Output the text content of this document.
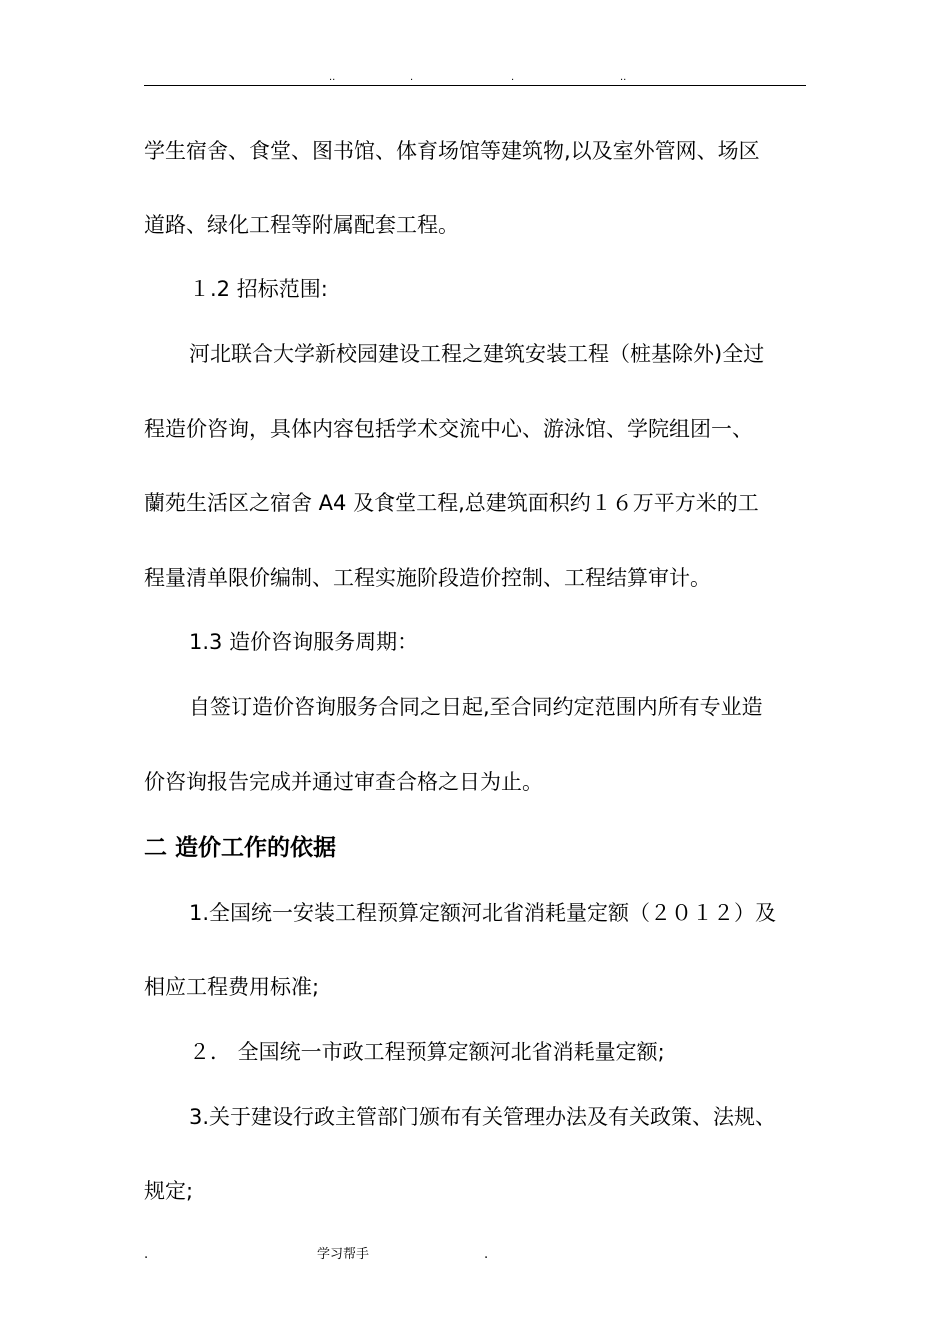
..	.	.	..
学生宿舍、食堂、图书馆、体育场馆等建筑物,以及室外管网、场区
道路、绿化工程等附属配套工程。
１.2 招标范围:
河北联合大学新校园建设工程之建筑安装工程（桩基除外)全过
程造价咨询，具体内容包括学术交流中心、游泳馆、学院组团一、
蘭苑生活区之宿舍 A4 及食堂工程,总建筑面积约１６万平方米的工
程量清单限价编制、工程实施阶段造价控制、工程结算审计。
1.3 造价咨询服务周期：
自签订造价咨询服务合同之日起,至合同约定范围内所有专业造
价咨询报告完成并通过审查合格之日为止。
二 造价工作的依据
1.全国统一安装工程预算定额河北省消耗量定额（２０１２）及
相应工程费用标准;
２． 全国统一市政工程预算定额河北省消耗量定额;
3.关于建设行政主管部门颁布有关管理办法及有关政策、法规、
规定;
.	学习帮手	.
